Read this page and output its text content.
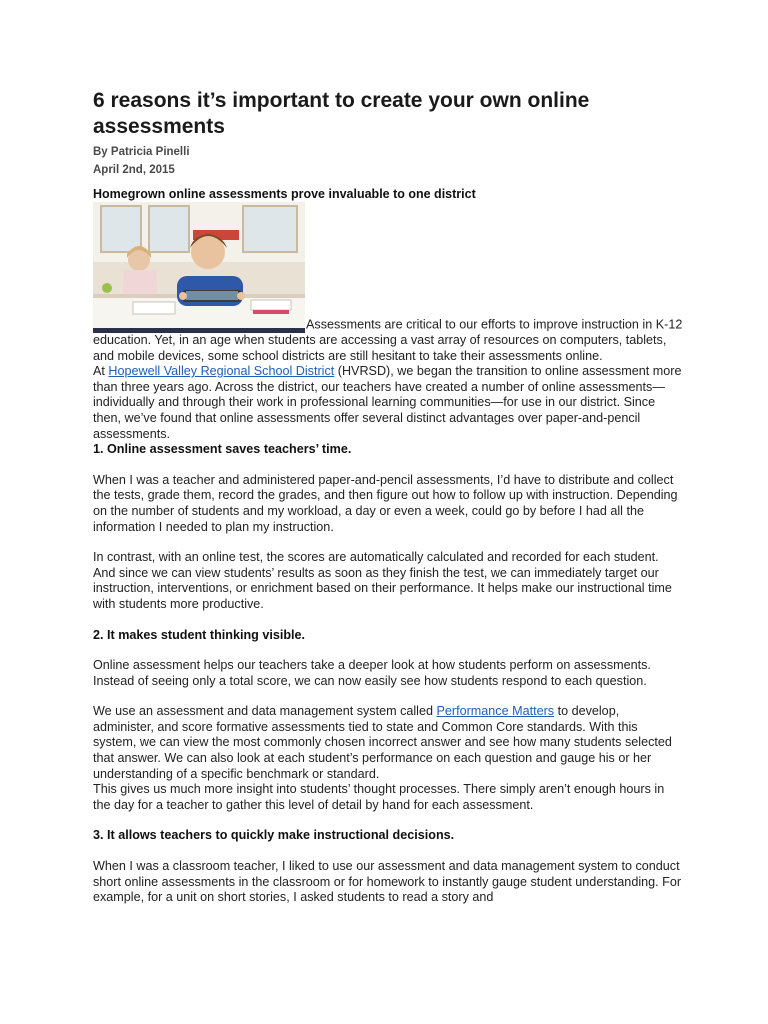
6 reasons it’s important to create your own online assessments
By Patricia Pinelli
April 2nd, 2015
Homegrown online assessments prove invaluable to one district

Assessments are critical to our efforts to improve instruction in K-12 education. Yet, in an age when students are accessing a vast array of resources on computers, tablets, and mobile devices, some school districts are still hesitant to take their assessments online.

At Hopewell Valley Regional School District (HVRSD), we began the transition to online assessment more than three years ago. Across the district, our teachers have created a number of online assessments—individually and through their work in professional learning communities—for use in our district. Since then, we’ve found that online assessments offer several distinct advantages over paper-and-pencil assessments.

1. Online assessment saves teachers’ time.

When I was a teacher and administered paper-and-pencil assessments, I’d have to distribute and collect the tests, grade them, record the grades, and then figure out how to follow up with instruction. Depending on the number of students and my workload, a day or even a week, could go by before I had all the information I needed to plan my instruction.

In contrast, with an online test, the scores are automatically calculated and recorded for each student. And since we can view students’ results as soon as they finish the test, we can immediately target our instruction, interventions, or enrichment based on their performance. It helps make our instructional time with students more productive.

2. It makes student thinking visible.

Online assessment helps our teachers take a deeper look at how students perform on assessments. Instead of seeing only a total score, we can now easily see how students respond to each question.

We use an assessment and data management system called Performance Matters to develop, administer, and score formative assessments tied to state and Common Core standards. With this system, we can view the most commonly chosen incorrect answer and see how many students selected that answer. We can also look at each student’s performance on each question and gauge his or her understanding of a specific benchmark or standard.

This gives us much more insight into students’ thought processes. There simply aren’t enough hours in the day for a teacher to gather this level of detail by hand for each assessment.

3. It allows teachers to quickly make instructional decisions.

When I was a classroom teacher, I liked to use our assessment and data management system to conduct short online assessments in the classroom or for homework to instantly gauge student understanding. For example, for a unit on short stories, I asked students to read a story and
